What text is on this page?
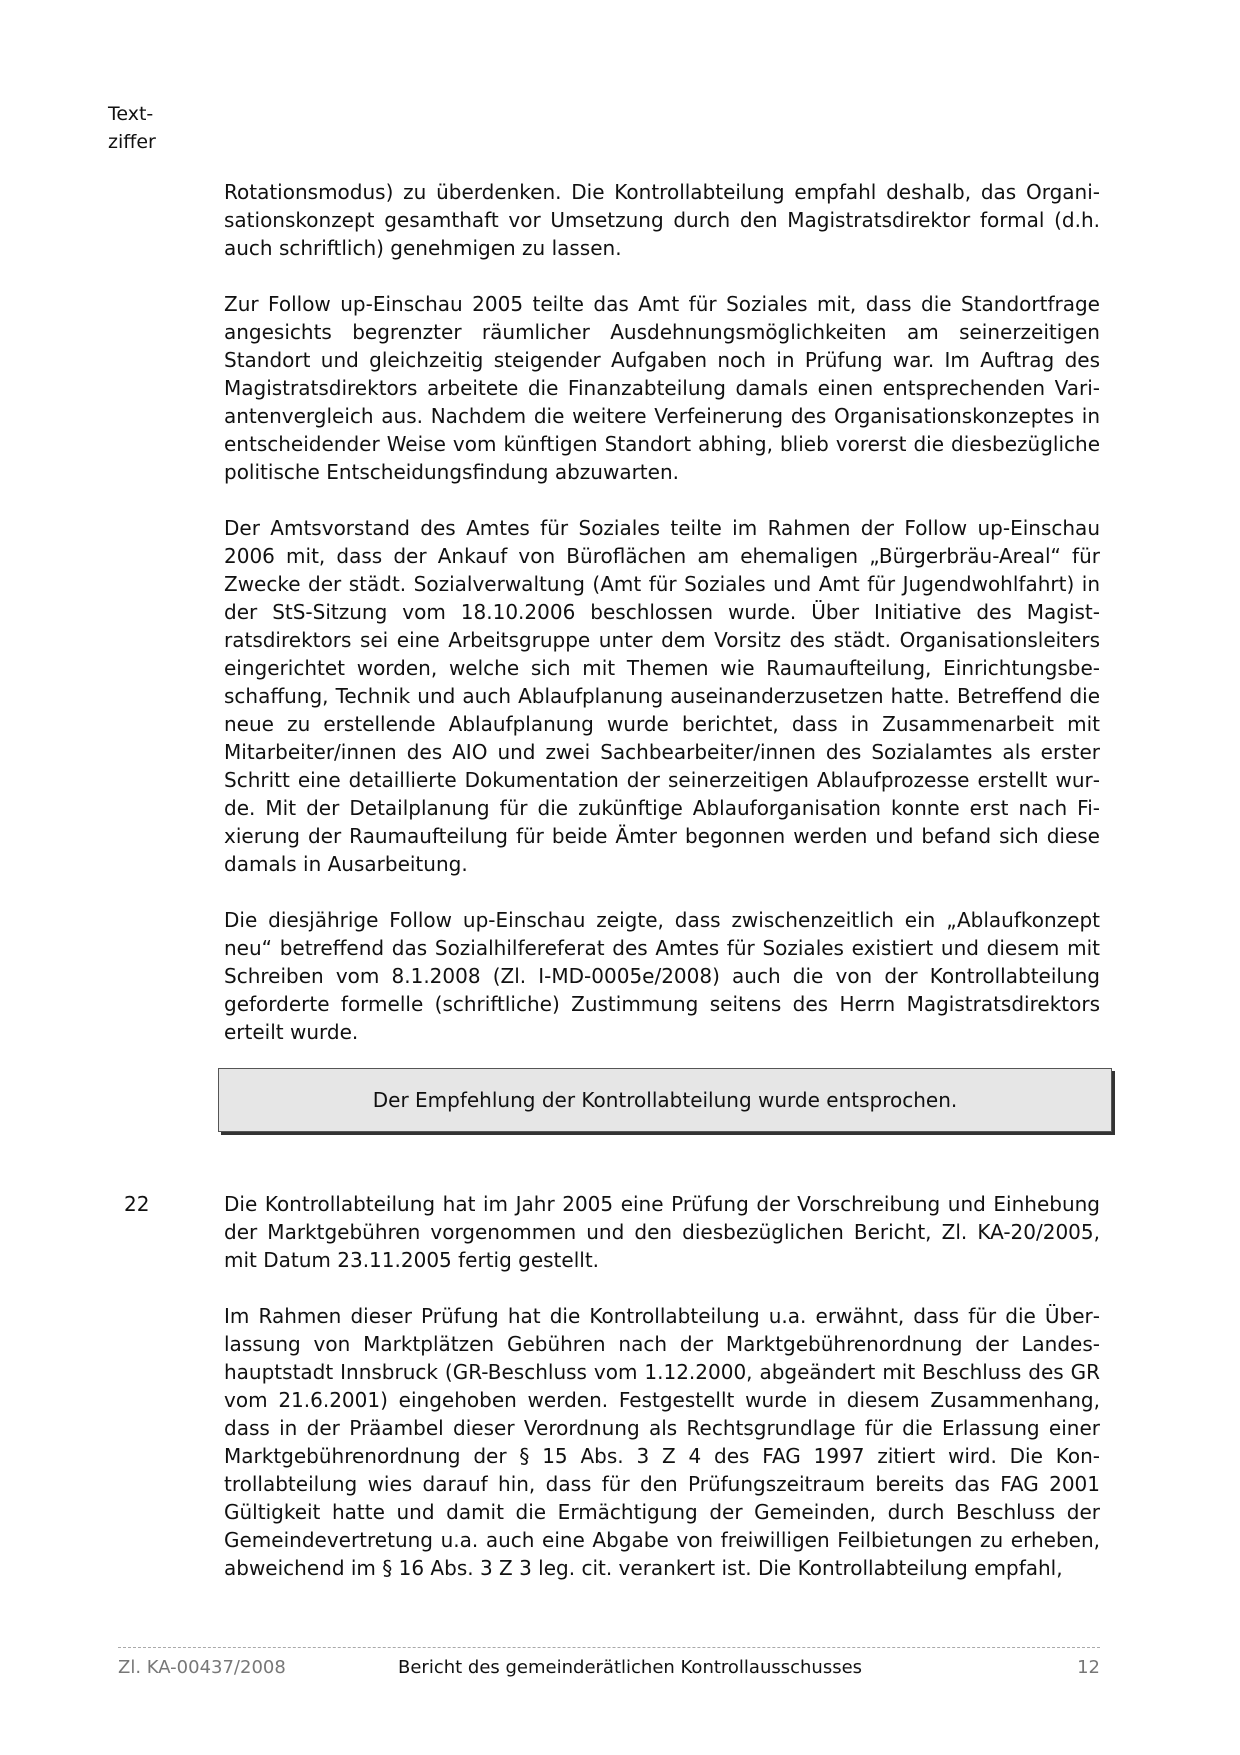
Text-
ziffer

Rotationsmodus) zu überdenken. Die Kontrollabteilung empfahl deshalb, das Organisationskonzept gesamthaft vor Umsetzung durch den Magistratsdirektor formal (d.h. auch schriftlich) genehmigen zu lassen.

Zur Follow up-Einschau 2005 teilte das Amt für Soziales mit, dass die Standortfrage angesichts begrenzter räumlicher Ausdehnungsmöglichkeiten am seinerzeitigen Standort und gleichzeitig steigender Aufgaben noch in Prüfung war. Im Auftrag des Magistratsdirektors arbeitete die Finanzabteilung damals einen entsprechenden Variantenvergleich aus. Nachdem die weitere Verfeinerung des Organisationskonzeptes in entscheidender Weise vom künftigen Standort abhing, blieb vorerst die diesbezügliche politische Entscheidungsfindung abzuwarten.

Der Amtsvorstand des Amtes für Soziales teilte im Rahmen der Follow up-Einschau 2006 mit, dass der Ankauf von Büroflächen am ehemaligen „Bürgerbräu-Areal“ für Zwecke der städt. Sozialverwaltung (Amt für Soziales und Amt für Jugendwohlfahrt) in der StS-Sitzung vom 18.10.2006 beschlossen wurde. Über Initiative des Magistratsdirektors sei eine Arbeitsgruppe unter dem Vorsitz des städt. Organisationsleiters eingerichtet worden, welche sich mit Themen wie Raumaufteilung, Einrichtungsbeschaffung, Technik und auch Ablaufplanung auseinanderzusetzen hatte. Betreffend die neue zu erstellende Ablaufplanung wurde berichtet, dass in Zusammenarbeit mit Mitarbeiter/innen des AIO und zwei Sachbearbeiter/innen des Sozialamtes als erster Schritt eine detaillierte Dokumentation der seinerzeitigen Ablaufprozesse erstellt wurde. Mit der Detailplanung für die zukünftige Ablauforganisation konnte erst nach Fixierung der Raumaufteilung für beide Ämter begonnen werden und befand sich diese damals in Ausarbeitung.

Die diesjährige Follow up-Einschau zeigte, dass zwischenzeitlich ein „Ablaufkonzept neu“ betreffend das Sozialhilfereferat des Amtes für Soziales existiert und diesem mit Schreiben vom 8.1.2008 (Zl. I-MD-0005e/2008) auch die von der Kontrollabteilung geforderte formelle (schriftliche) Zustimmung seitens des Herrn Magistratsdirektors erteilt wurde.

Der Empfehlung der Kontrollabteilung wurde entsprochen.
22	Die Kontrollabteilung hat im Jahr 2005 eine Prüfung der Vorschreibung und Einhebung der Marktgebühren vorgenommen und den diesbezüglichen Bericht, Zl. KA-20/2005, mit Datum 23.11.2005 fertig gestellt.

Im Rahmen dieser Prüfung hat die Kontrollabteilung u.a. erwähnt, dass für die Überlassung von Marktplätzen Gebühren nach der Marktgebührenordnung der Landeshauptstadt Innsbruck (GR-Beschluss vom 1.12.2000, abgeändert mit Beschluss des GR vom 21.6.2001) eingehoben werden. Festgestellt wurde in diesem Zusammenhang, dass in der Präambel dieser Verordnung als Rechtsgrundlage für die Erlassung einer Marktgebührenordnung der § 15 Abs. 3 Z 4 des FAG 1997 zitiert wird. Die Kontrollabteilung wies darauf hin, dass für den Prüfungszeitraum bereits das FAG 2001 Gültigkeit hatte und damit die Ermächtigung der Gemeinden, durch Beschluss der Gemeindevertretung u.a. auch eine Abgabe von freiwilligen Feilbietungen zu erheben, abweichend im § 16 Abs. 3 Z 3 leg. cit. verankert ist. Die Kontrollabteilung empfahl,

Zl. KA-00437/2008	Bericht des gemeinderätlichen Kontrollausschusses	12
